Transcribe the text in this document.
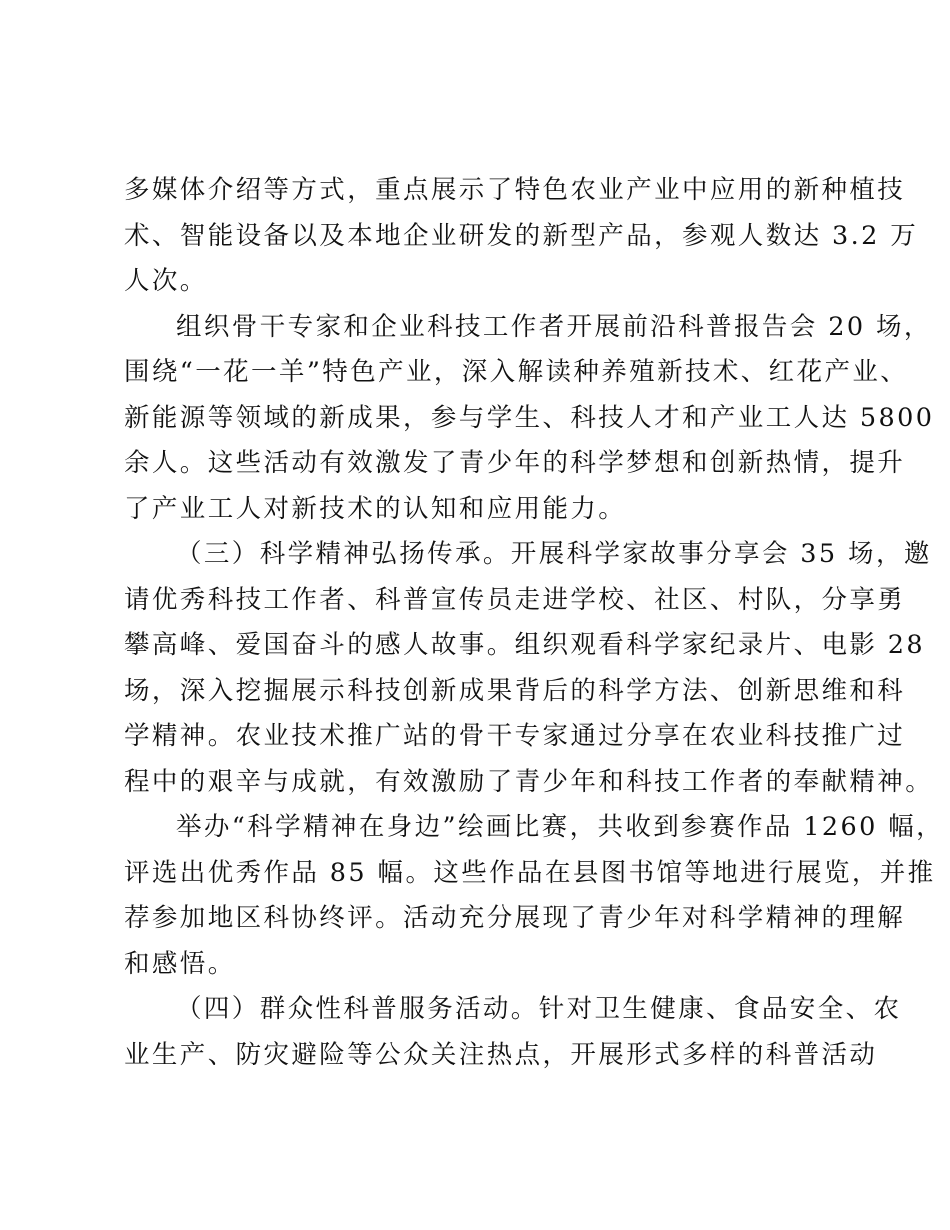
多媒体介绍等方式，重点展示了特色农业产业中应用的新种植技
术、智能设备以及本地企业研发的新型产品，参观人数达 3.2 万
人次。
组织骨干专家和企业科技工作者开展前沿科普报告会 20 场，
围绕“一花一羊”特色产业，深入解读种养殖新技术、红花产业、
新能源等领域的新成果，参与学生、科技人才和产业工人达 5800
余人。这些活动有效激发了青少年的科学梦想和创新热情，提升
了产业工人对新技术的认知和应用能力。
（三）科学精神弘扬传承。开展科学家故事分享会 35 场，邀
请优秀科技工作者、科普宣传员走进学校、社区、村队，分享勇
攀高峰、爱国奋斗的感人故事。组织观看科学家纪录片、电影 28
场，深入挖掘展示科技创新成果背后的科学方法、创新思维和科
学精神。农业技术推广站的骨干专家通过分享在农业科技推广过
程中的艰辛与成就，有效激励了青少年和科技工作者的奉献精神。
举办“科学精神在身边”绘画比赛，共收到参赛作品 1260 幅，
评选出优秀作品 85 幅。这些作品在县图书馆等地进行展览，并推
荐参加地区科协终评。活动充分展现了青少年对科学精神的理解
和感悟。
（四）群众性科普服务活动。针对卫生健康、食品安全、农
业生产、防灾避险等公众关注热点，开展形式多样的科普活动
